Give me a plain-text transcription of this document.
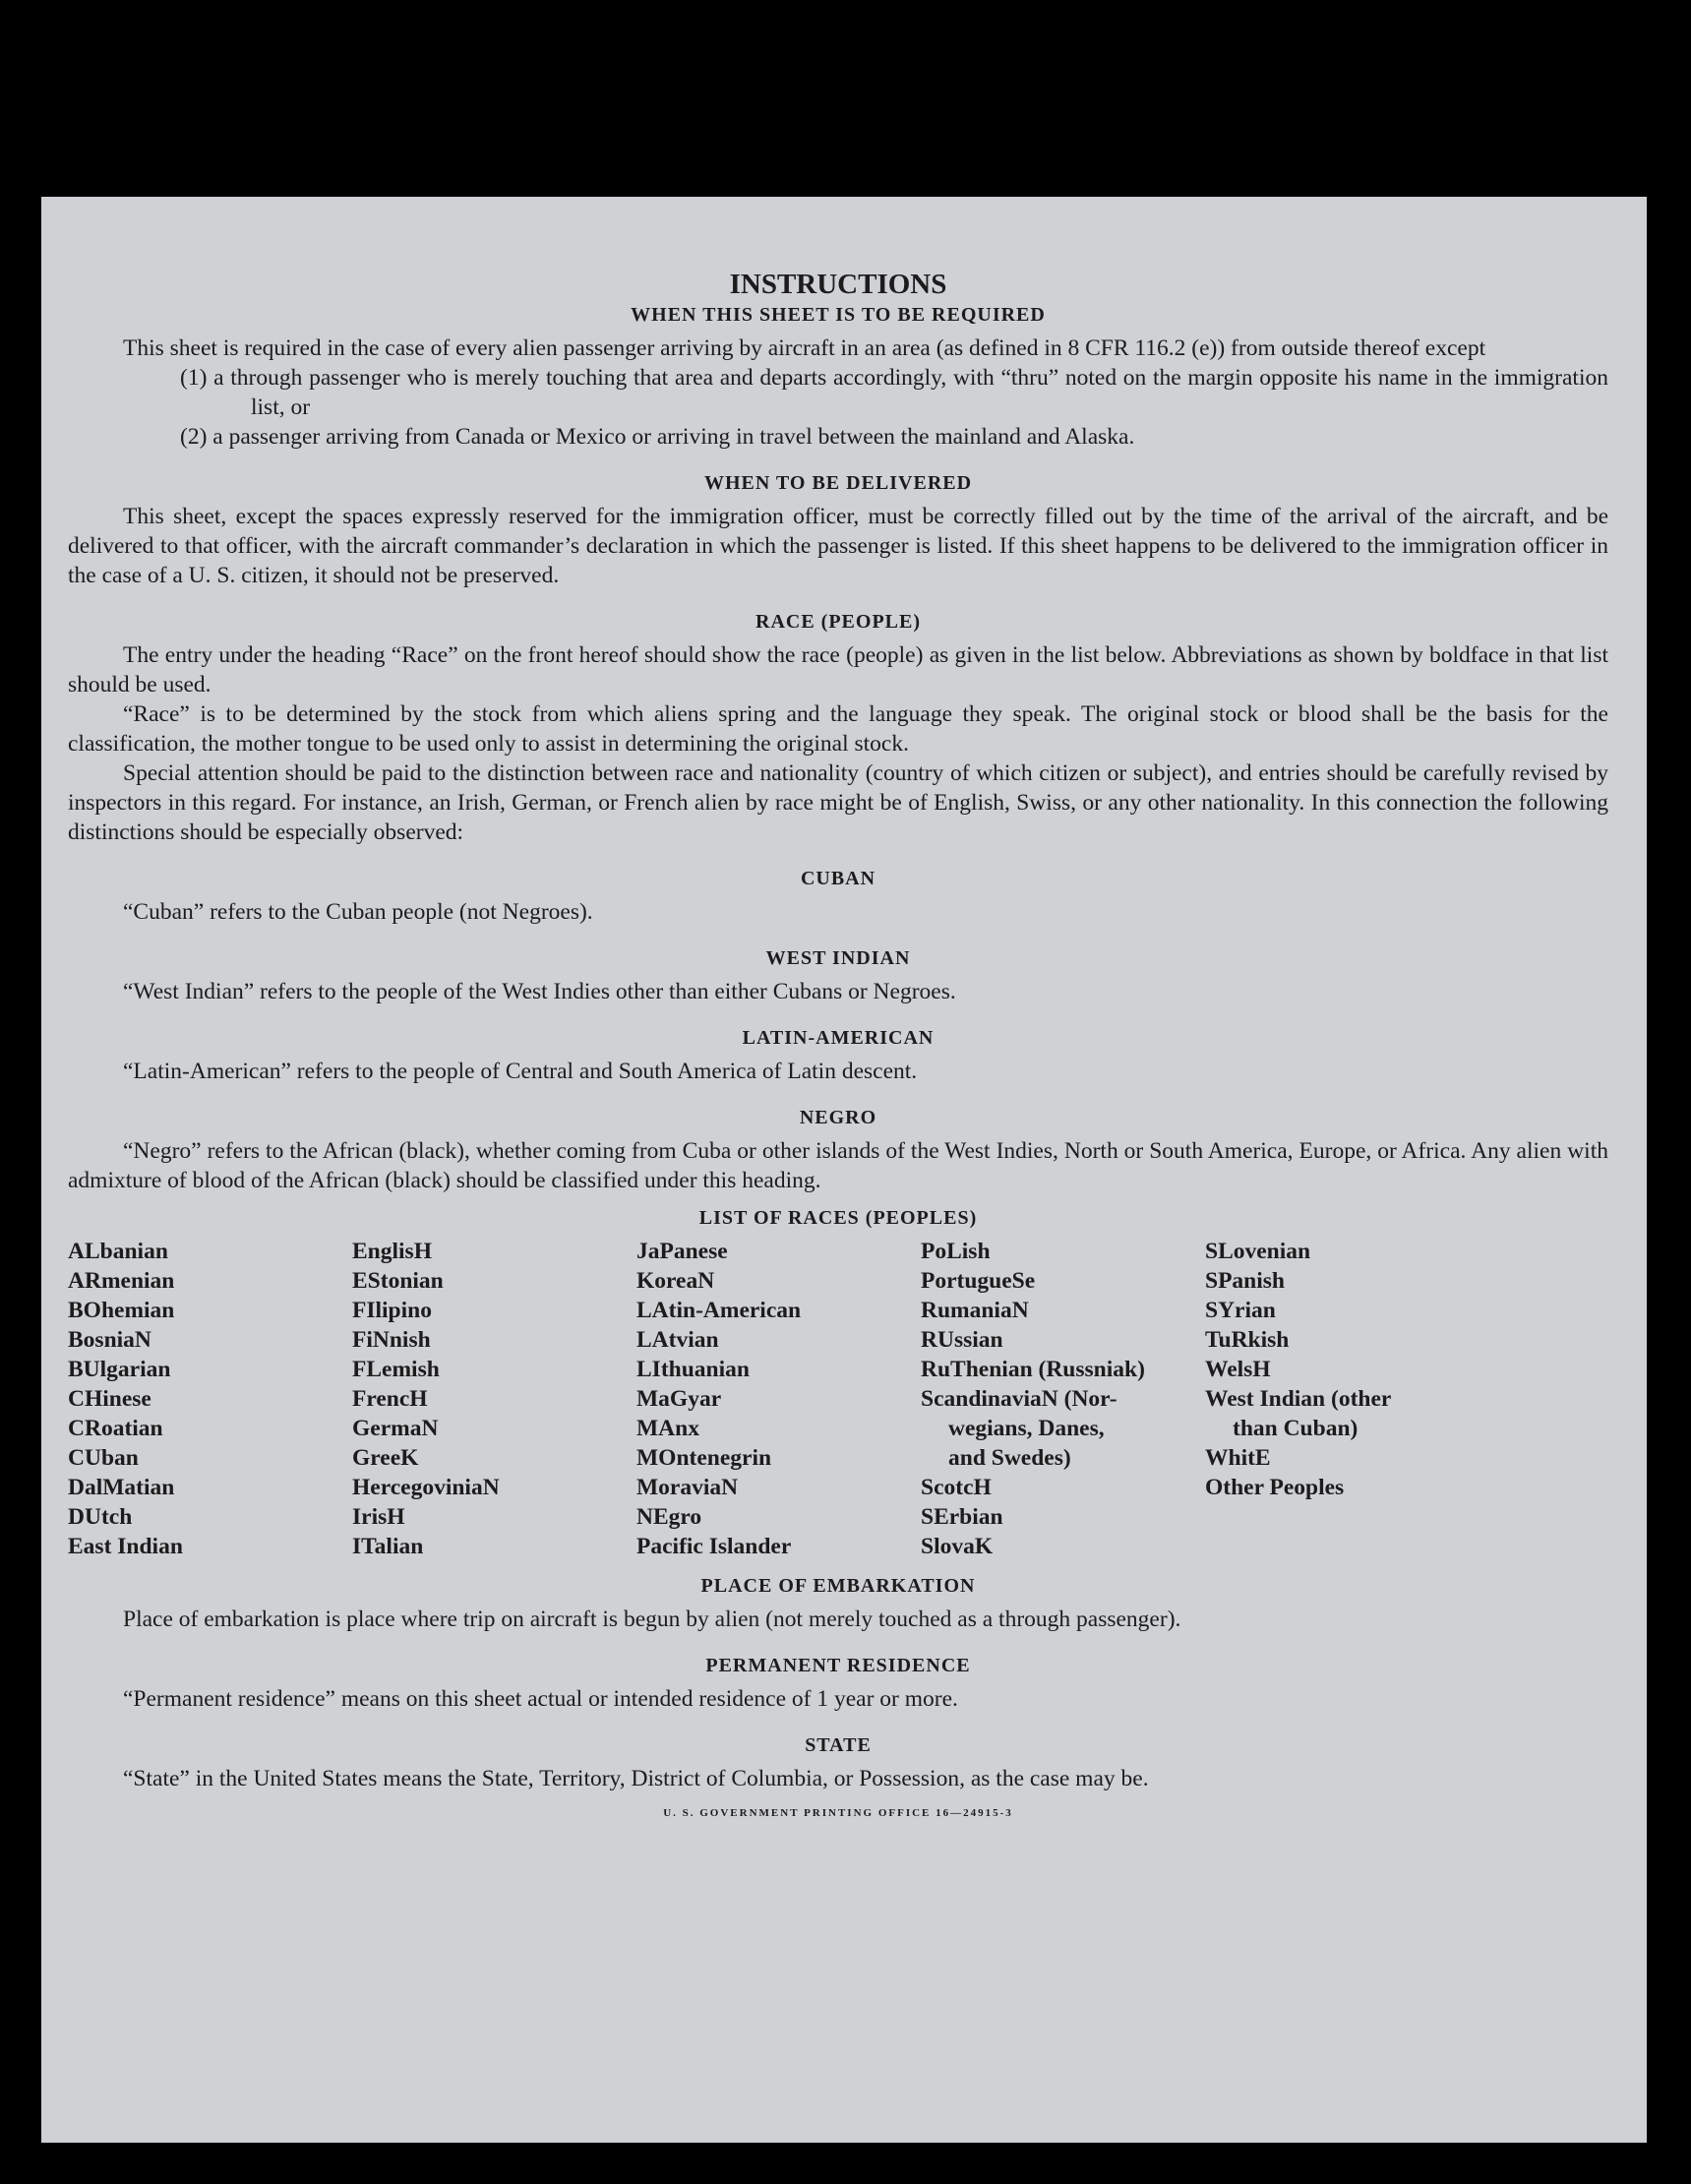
INSTRUCTIONS
WHEN THIS SHEET IS TO BE REQUIRED

This sheet is required in the case of every alien passenger arriving by aircraft in an area (as defined in 8 CFR 116.2 (e)) from outside thereof except

(1) a through passenger who is merely touching that area and departs accordingly, with “thru” noted on the margin opposite his name in the immigration list, or

(2) a passenger arriving from Canada or Mexico or arriving in travel between the mainland and Alaska.

WHEN TO BE DELIVERED

This sheet, except the spaces expressly reserved for the immigration officer, must be correctly filled out by the time of the arrival of the aircraft, and be delivered to that officer, with the aircraft commander’s declaration in which the passenger is listed. If this sheet happens to be delivered to the immigration officer in the case of a U. S. citizen, it should not be preserved.

RACE (PEOPLE)

The entry under the heading “Race” on the front hereof should show the race (people) as given in the list below. Abbreviations as shown by boldface in that list should be used.

“Race” is to be determined by the stock from which aliens spring and the language they speak. The original stock or blood shall be the basis for the classification, the mother tongue to be used only to assist in determining the original stock.

Special attention should be paid to the distinction between race and nationality (country of which citizen or subject), and entries should be carefully revised by inspectors in this regard. For instance, an Irish, German, or French alien by race might be of English, Swiss, or any other nationality. In this connection the following distinctions should be especially observed:

CUBAN

“Cuban” refers to the Cuban people (not Negroes).

WEST INDIAN

“West Indian” refers to the people of the West Indies other than either Cubans or Negroes.

LATIN-AMERICAN

“Latin-American” refers to the people of Central and South America of Latin descent.

NEGRO

“Negro” refers to the African (black), whether coming from Cuba or other islands of the West Indies, North or South America, Europe, or Africa. Any alien with admixture of blood of the African (black) should be classified under this heading.

LIST OF RACES (PEOPLES)
ALbanian
ARmenian
BOhemian
BosniaN
BUlgarian
CHinese
CRoatian
CUban
DalMatian
DUtch
East Indian
EnglisH
EStonian
FIlipino
FiNnish
FLemish
FrencH
GermaN
GreeK
HercegoviniaN
IrisH
ITalian
JaPanese
KoreaN
LAtin-American
LAtvian
LIthuanian
MaGyar
MAnx
MOntenegrin
MoraviaN
NEgro
Pacific Islander
PoLish
PortugueSe
RumaniaN
RUssian
RuThenian (Russniak)
ScandinaviaN (Nor-
wegians, Danes,
and Swedes)
ScotcH
SErbian
SlovaK
SLovenian
SPanish
SYrian
TuRkish
WelsH
West Indian (other
than Cuban)
WhitE
Other Peoples
PLACE OF EMBARKATION

Place of embarkation is place where trip on aircraft is begun by alien (not merely touched as a through passenger).

PERMANENT RESIDENCE

“Permanent residence” means on this sheet actual or intended residence of 1 year or more.

STATE

“State” in the United States means the State, Territory, District of Columbia, or Possession, as the case may be.

U. S. GOVERNMENT PRINTING OFFICE 16—24915-3
